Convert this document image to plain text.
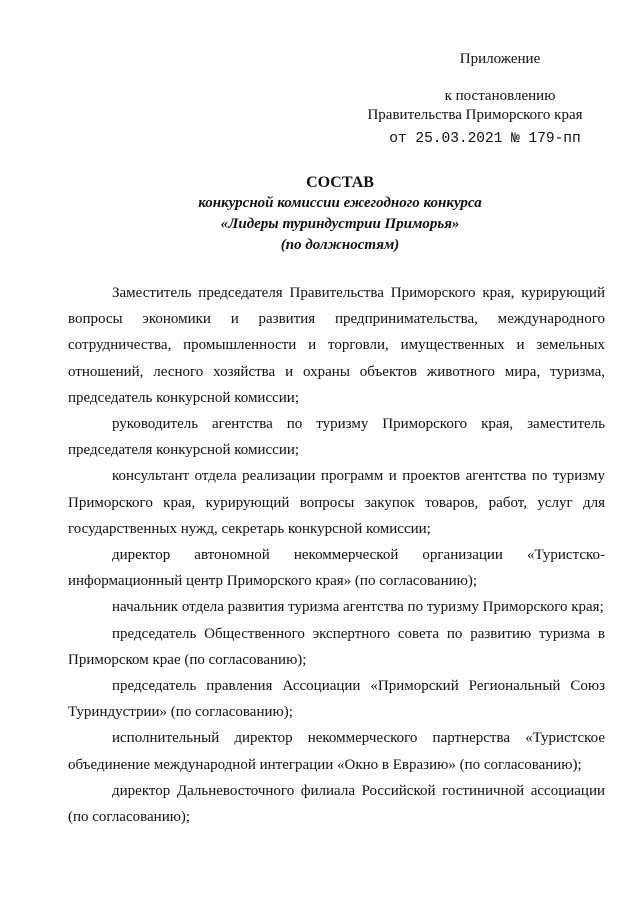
Приложение
к постановлению
Правительства Приморского края
от 25.03.2021 № 179-пп
СОСТАВ
конкурсной комиссии ежегодного конкурса
«Лидеры туриндустрии Приморья»
(по должностям)

Заместитель председателя Правительства Приморского края, курирующий вопросы экономики и развития предпринимательства, международного сотрудничества, промышленности и торговли, имущественных и земельных отношений, лесного хозяйства и охраны объектов животного мира, туризма, председатель конкурсной комиссии;

руководитель агентства по туризму Приморского края, заместитель председателя конкурсной комиссии;

консультант отдела реализации программ и проектов агентства по туризму Приморского края, курирующий вопросы закупок товаров, работ, услуг для государственных нужд, секретарь конкурсной комиссии;

директор автономной некоммерческой организации «Туристско-информационный центр Приморского края» (по согласованию);

начальник отдела развития туризма агентства по туризму Приморского края;

председатель Общественного экспертного совета по развитию туризма в Приморском крае (по согласованию);

председатель правления Ассоциации «Приморский Региональный Союз Туриндустрии» (по согласованию);

исполнительный директор некоммерческого партнерства «Туристское объединение международной интеграции «Окно в Евразию» (по согласованию);

директор Дальневосточного филиала Российской гостиничной ассоциации (по согласованию);
